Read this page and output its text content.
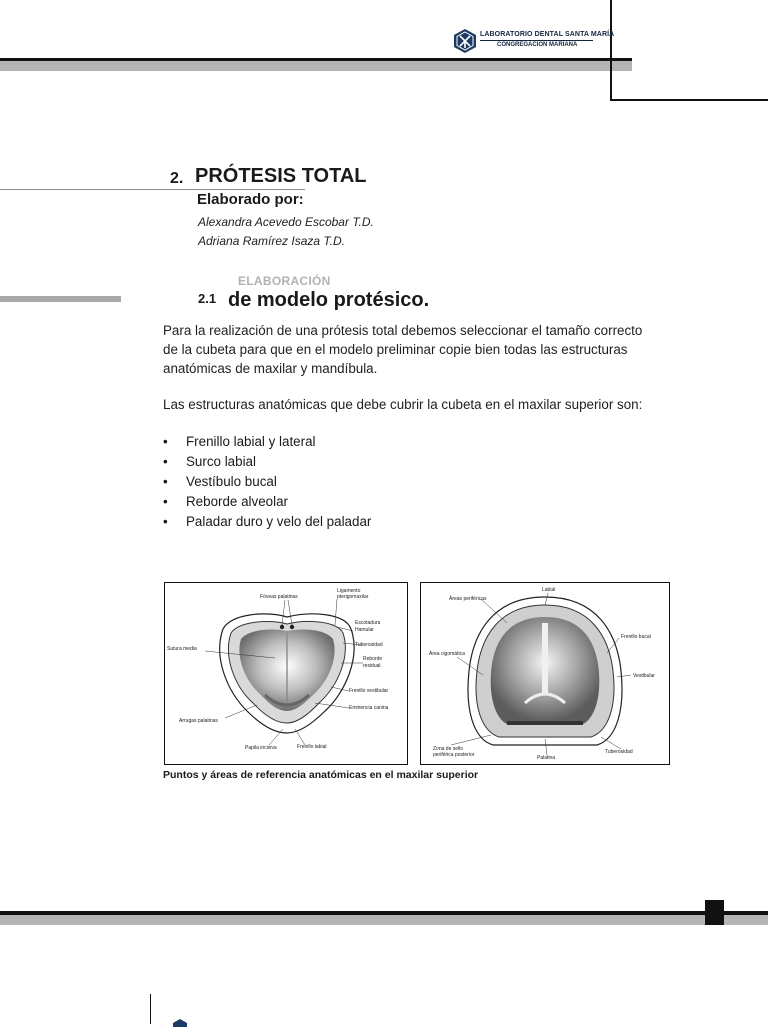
LABORATORIO DENTAL SANTA MARÍA
CONGREGACIÓN MARIANA
2. PRÓTESIS TOTAL
Elaborado por:
Alexandra Acevedo Escobar T.D.
Adriana Ramírez Isaza T.D.
ELABORACIÓN
2.1 de modelo protésico.
Para la realización de una prótesis total debemos seleccionar el tamaño correcto
de la cubeta para que en el modelo preliminar copie bien todas las estructuras
anatómicas de maxilar y mandíbula.
Las estructuras anatómicas que debe cubrir la cubeta en el maxilar superior son:
• Frenillo labial y lateral
• Surco labial
• Vestíbulo bucal
• Reborde alveolar
• Paladar duro y velo del paladar
Fóveas palatinas
Ligamento
pterigomaxilar
Escotadura
Hamular
Tuberosidad
Reborde
residual
Frenillo vestibular
Eminencia canina
Sutura media
Arrugas palatinas
Papila incisiva	Frenillo labial
Labial
Áreas periféricas
Frenillo bucal
Área cigomática
Vestibular
Zona de sello
periférica posterior	Palatina
Tuberosidad
Puntos y áreas de referencia anatómicas en el maxilar superior
